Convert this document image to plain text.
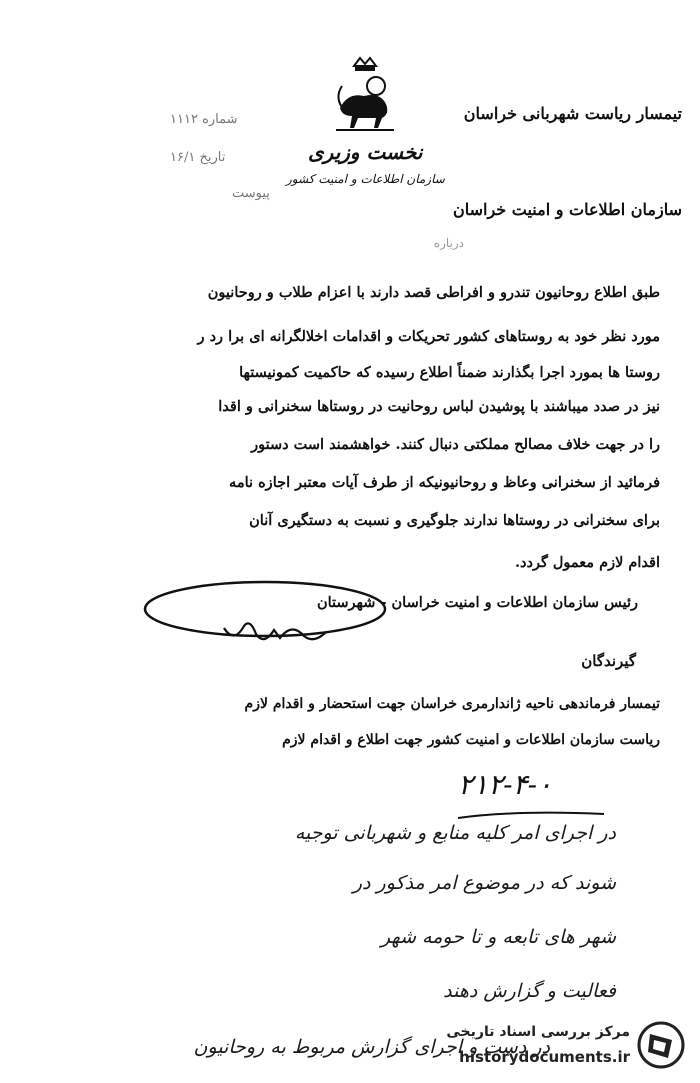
تیمسار ریاست شهربانی خراسان
نخست وزیری
سازمان اطلاعات و امنیت کشور
شماره ۱۱۱۲
تاریخ ۱۶/۱
پیوست
سازمان اطلاعات و امنیت خراسان
درباره
طبق اطلاع روحانیون تندرو و افراطی قصد دارند با اعزام طلاب و روحانیون
مورد نظر خود به روستاهای کشور تحریکات و اقدامات اخلالگرانه ای برا رد ر
روستا ها بمورد اجرا بگذارند ضمناً اطلاع رسیده که حاکمیت کمونیستها
نیز در صدد میباشند با پوشیدن لباس روحانیت در روستاها سخنرانی و اقدا
را در جهت خلاف مصالح مملکتی دنبال کنند. خواهشمند است دستور
فرمائید از سخنرانی وعاظ و روحانیونیکه از طرف آیات معتبر اجازه نامه
برای سخنرانی در روستاها ندارند جلوگیری و نسبت به دستگیری آنان
اقدام لازم معمول گردد.
رئیس سازمان اطلاعات و امنیت خراسان - شهرستان
گیرندگان
تیمسار فرماندهی ناحیه ژاندارمری خراسان جهت استحضار و اقدام لازم
ریاست سازمان اطلاعات و امنیت کشور جهت اطلاع و اقدام لازم
۲۱۲-۴-۰
در اجرای امر کلیه منابع و شهربانی توجیه
شوند که در موضوع امر مذکور در
شهر های تابعه و تا حومه شهر
فعالیت و گزارش دهند
در دست و اجرای گزارش مربوط به روحانیون
مرکز بررسی اسناد تاریخی
historydocuments.ir
